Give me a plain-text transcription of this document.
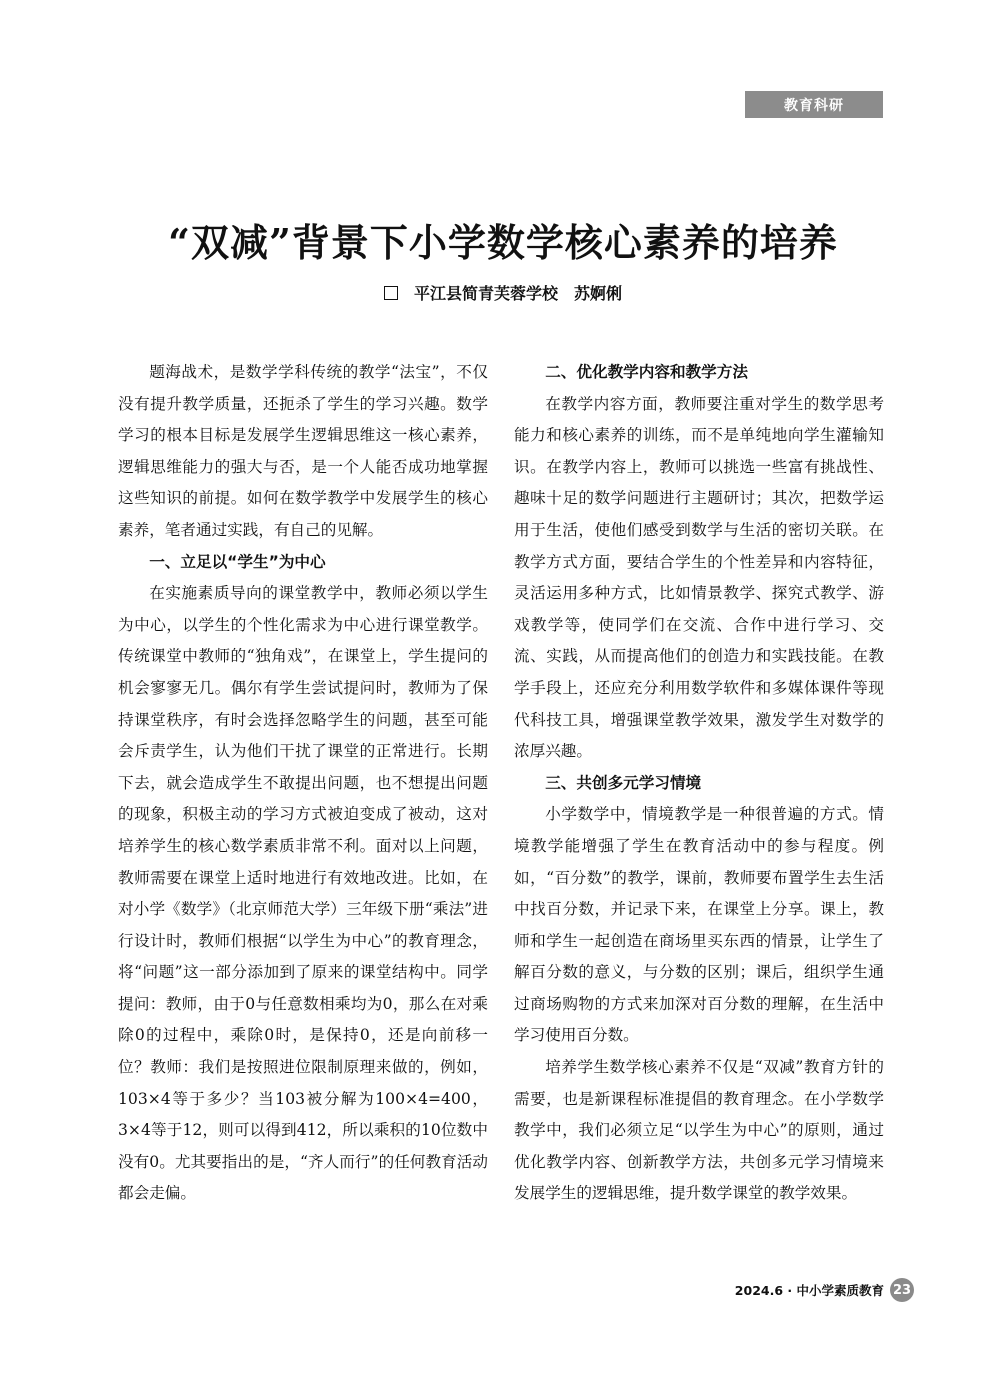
教育科研
“双减”背景下小学数学核心素养的培养
平江县简青芙蓉学校 苏婀俐

题海战术，是数学学科传统的教学“法宝”，不仅没有提升教学质量，还扼杀了学生的学习兴趣。数学学习的根本目标是发展学生逻辑思维这一核心素养，逻辑思维能力的强大与否，是一个人能否成功地掌握这些知识的前提。如何在数学教学中发展学生的核心素养，笔者通过实践，有自己的见解。

一、立足以“学生”为中心

在实施素质导向的课堂教学中，教师必须以学生为中心，以学生的个性化需求为中心进行课堂教学。传统课堂中教师的“独角戏”，在课堂上，学生提问的机会寥寥无几。偶尔有学生尝试提问时，教师为了保持课堂秩序，有时会选择忽略学生的问题，甚至可能会斥责学生，认为他们干扰了课堂的正常进行。长期下去，就会造成学生不敢提出问题，也不想提出问题的现象，积极主动的学习方式被迫变成了被动，这对培养学生的核心数学素质非常不利。面对以上问题，教师需要在课堂上适时地进行有效地改进。比如，在对小学《数学》（北京师范大学）三年级下册“乘法”进行设计时，教师们根据“以学生为中心”的教育理念，将“问题”这一部分添加到了原来的课堂结构中。同学提问：教师，由于0与任意数相乘均为0，那么在对乘除0的过程中，乘除0时，是保持0，还是向前移一位？教师：我们是按照进位限制原理来做的，例如，103×4等于多少？当103被分解为100×4=400，3×4等于12，则可以得到412，所以乘积的10位数中没有0。尤其要指出的是，“齐人而行”的任何教育活动都会走偏。

二、优化教学内容和教学方法

在教学内容方面，教师要注重对学生的数学思考能力和核心素养的训练，而不是单纯地向学生灌输知识。在教学内容上，教师可以挑选一些富有挑战性、趣味十足的数学问题进行主题研讨；其次，把数学运用于生活，使他们感受到数学与生活的密切关联。在教学方式方面，要结合学生的个性差异和内容特征，灵活运用多种方式，比如情景教学、探究式教学、游戏教学等，使同学们在交流、合作中进行学习、交流、实践，从而提高他们的创造力和实践技能。在教学手段上，还应充分利用数学软件和多媒体课件等现代科技工具，增强课堂教学效果，激发学生对数学的浓厚兴趣。

三、共创多元学习情境

小学数学中，情境教学是一种很普遍的方式。情境教学能增强了学生在教育活动中的参与程度。例如，“百分数”的教学，课前，教师要布置学生去生活中找百分数，并记录下来，在课堂上分享。课上，教师和学生一起创造在商场里买东西的情景，让学生了解百分数的意义，与分数的区别；课后，组织学生通过商场购物的方式来加深对百分数的理解，在生活中学习使用百分数。

培养学生数学核心素养不仅是“双减”教育方针的需要，也是新课程标准提倡的教育理念。在小学数学教学中，我们必须立足“以学生为中心”的原则，通过优化教学内容、创新教学方法，共创多元学习情境来发展学生的逻辑思维，提升数学课堂的教学效果。

2024.6 · 中小学素质教育 23
